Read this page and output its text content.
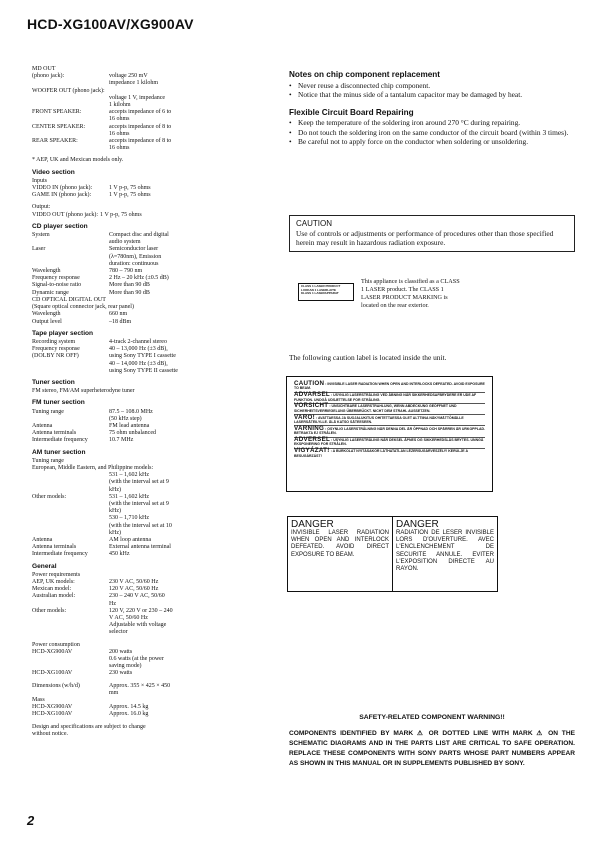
HCD-XG100AV/XG900AV
MD OUT
(phono jack):	voltage 250 mV
impedance 1 kilohm
WOOFER OUT (phono jack):
voltage 1 V, impedance
1 kilohm
FRONT SPEAKER:	accepts impedance of 6 to
16 ohms
CENTER SPEAKER:	accepts impedance of 8 to
16 ohms
REAR SPEAKER:	accepts impedance of 8 to
16 ohms
* AEP, UK and Mexican models only.
Video section
Inputs
VIDEO IN (phono jack):	1 V p-p, 75 ohms
GAME IN (phono jack):	1 V p-p, 75 ohms
Output:
VIDEO OUT (phono jack): 1 V p-p, 75 ohms
CD player section
System	Compact disc and digital
audio system
Laser	Semiconductor laser
(λ=780nm), Emission
duration: continuous
Wavelength	780 – 790 nm
Frequency response	2 Hz – 20 kHz (±0.5 dB)
Signal-to-noise ratio	More than 90 dB
Dynamic range	More than 90 dB
CD OPTICAL DIGITAL OUT
(Square optical connector jack, rear panel)
Wavelength	660 nm
Output level	–18 dBm
Tape player section
Recording system	4-track 2-channel stereo
Frequency response	40 – 13,000 Hz (±3 dB),
(DOLBY NR OFF)	using Sony TYPE I cassette
40 – 14,000 Hz (±3 dB),
using Sony TYPE II cassette
Tuner section
FM stereo, FM/AM superheterodyne tuner
FM tuner section
Tuning range	87.5 – 108.0 MHz
(50 kHz step)
Antenna	FM lead antenna
Antenna terminals	75 ohm unbalanced
Intermediate frequency	10.7 MHz
AM tuner section
Tuning range
European, Middle Eastern, and Philippine models:
531 – 1,602 kHz
(with the interval set at 9
kHz)
Other models:	531 – 1,602 kHz
(with the interval set at 9
kHz)
530 – 1,710 kHz
(with the interval set at 10
kHz)
Antenna	AM loop antenna
Antenna terminals	External antenna terminal
Intermediate frequency	450 kHz
General
Power requirements
AEP, UK models:	230 V AC, 50/60 Hz
Mexican model:	120 V AC, 50/60 Hz
Australian model:	230 – 240 V AC, 50/60
Hz
Other models:	120 V, 220 V or 230 – 240
V AC, 50/60 Hz
Adjustable with voltage
selector
Power consumption
HCD-XG900AV	200 watts
0.6 watts (at the power
saving mode)
HCD-XG100AV	230 watts
Dimensions (w/h/d)	Approx. 355 × 425 × 450
mm
Mass
HCD-XG900AV	Approx. 14.5 kg
HCD-XG100AV	Approx. 16.0 kg
Design and specifications are subject to change
without notice.
Notes on chip component replacement
• Never reuse a disconnected chip component.
• Notice that the minus side of a tantalum capacitor may be damaged by heat.
Flexible Circuit Board Repairing
• Keep the temperature of the soldering iron around 270 °C during repairing.
• Do not touch the soldering iron on the same conductor of the circuit board (within 3 times).
• Be careful not to apply force on the conductor when soldering or unsoldering.
CAUTION
Use of controls or adjustments or performance of procedures other than those specified herein may result in hazardous radiation exposure.
CLASS 1 LASER PRODUCT
LUOKAN 1 LASERLAITE
KLASS 1 LASERAPPARAT
This appliance is classified as a CLASS 1 LASER product. The CLASS 1 LASER PRODUCT MARKING is located on the rear exterior.
The following caution label is located inside the unit.

CAUTION : INVISIBLE LASER RADIATION WHEN OPEN AND INTERLOCKS DEFEATED. AVOID EXPOSURE TO BEAM.

ADVARSEL : USYNLIG LASERSTRÅLING VED ÅBNING NÅR SIKKERHEDSAFBRYDERE ER UDE AF FUNKTION. UNDGÅ UDSÆTTELSE FOR STRÅLING.

VORSICHT : UNSICHTBARE LASERSTRAHLUNG, WENN ABDECKUNG GEÖFFNET UND SICHERHEITSVERRIEGELUNG ÜBERBRÜCKT. NICHT DEM STRAHL AUSSETZEN.

VARO! : AVATTAESSA JA SUOJALUKITUS OHITETTAESSA OLET ALTTIINA NÄKYMÄTTÖMÄLLE LASERSÄTEILYLLE. ÄLÄ KATSO SÄTEESEEN.

VARNING : OSYNLIG LASERSTRÅLNING NÄR DENNA DEL ÄR ÖPPNAD OCH SPÄRREN ÄR URKOPPLAD. BETRAKTA EJ STRÅLEN.

ADVERSEL : USYNLIG LASERSTRÅLING NÅR DEKSEL ÅPNES OG SIKKERHEDSLÅS BRYTES. UNNGÅ EKSPONERING FOR STRÅLEN.

VIGYÁZAT! : A BURKOLAT NYITÁSAKOR LÁTHATATLAN LÉZERSUGÁRVESZÉLY! KERÜLJE A BESUGÁRZÁST!

DANGER
INVISIBLE LASER RADIATION WHEN OPEN AND INTERLOCK DEFEATED. AVOID DIRECT EXPOSURE TO BEAM.
DANGER
RADIATION DE LESER INVISIBLE LORS D'OUVERTURE. AVEC L'ENCLENCHEMENT DE SECURITE ANNULE. EVITER L'EXPOSITION DIRECTE AU RAYON.
SAFETY-RELATED COMPONENT WARNING!!
COMPONENTS IDENTIFIED BY MARK ⚠ OR DOTTED LINE WITH MARK ⚠ ON THE SCHEMATIC DIAGRAMS AND IN THE PARTS LIST ARE CRITICAL TO SAFE OPERATION. REPLACE THESE COMPONENTS WITH SONY PARTS WHOSE PART NUMBERS APPEAR AS SHOWN IN THIS MANUAL OR IN SUPPLEMENTS PUBLISHED BY SONY.
2
